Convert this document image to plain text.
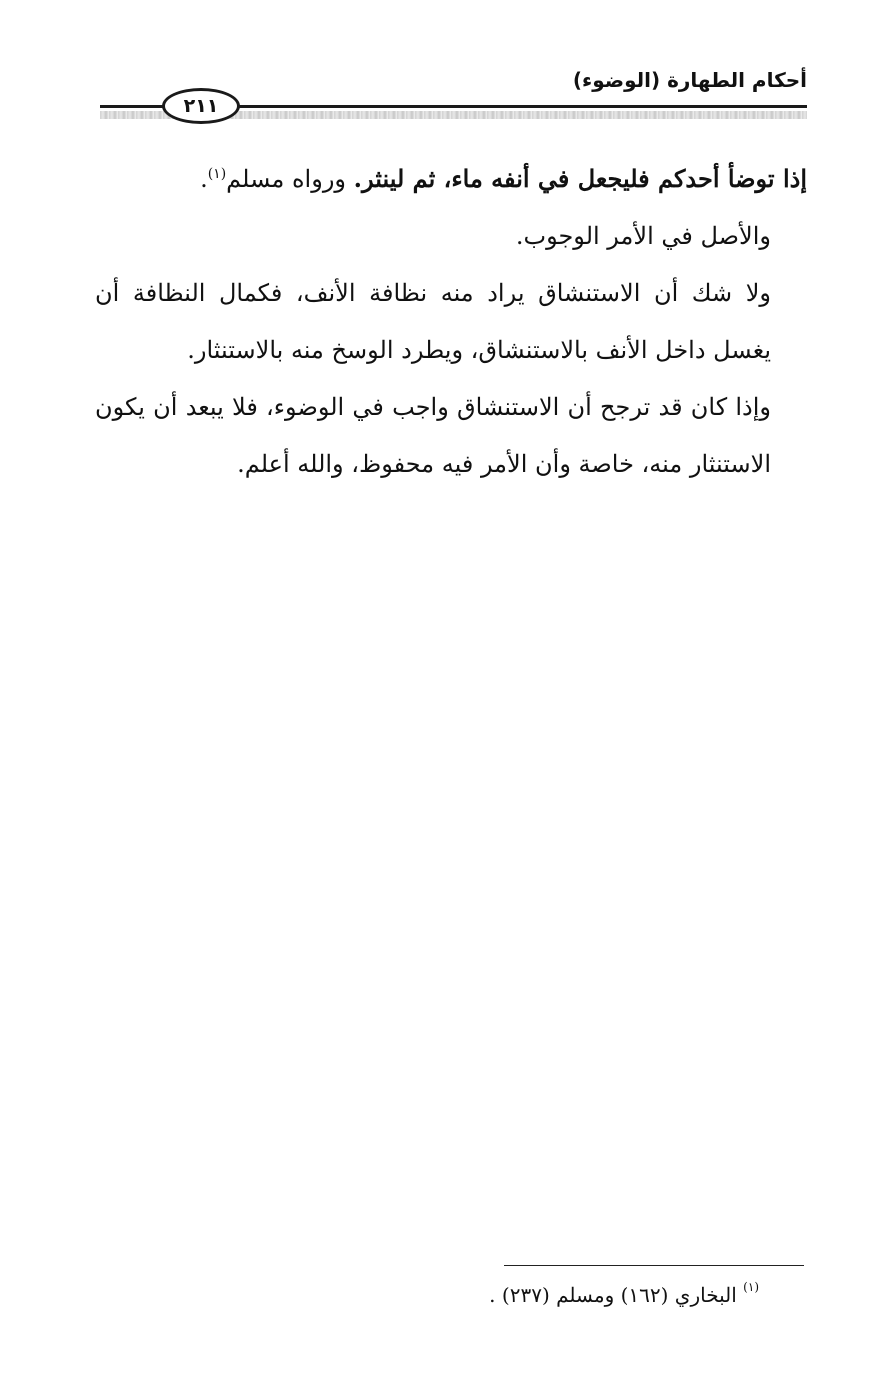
أحكام الطهارة (الوضوء)
٢١١

إذا توضأ أحدكم فليجعل في أنفه ماء، ثم لينثر. ورواه مسلم$^{(١)}$.

والأصل في الأمر الوجوب.

ولا شك أن الاستنشاق يراد منه نظافة الأنف، فكمال النظافة أن يغسل داخل الأنف بالاستنشاق، ويطرد الوسخ منه بالاستنثار.

وإذا كان قد ترجح أن الاستنشاق واجب في الوضوء، فلا يبعد أن يكون الاستنثار منه، خاصة وأن الأمر فيه محفوظ، والله أعلم.

$^{(١)}$ البخاري (١٦٢) ومسلم (٢٣٧) .
